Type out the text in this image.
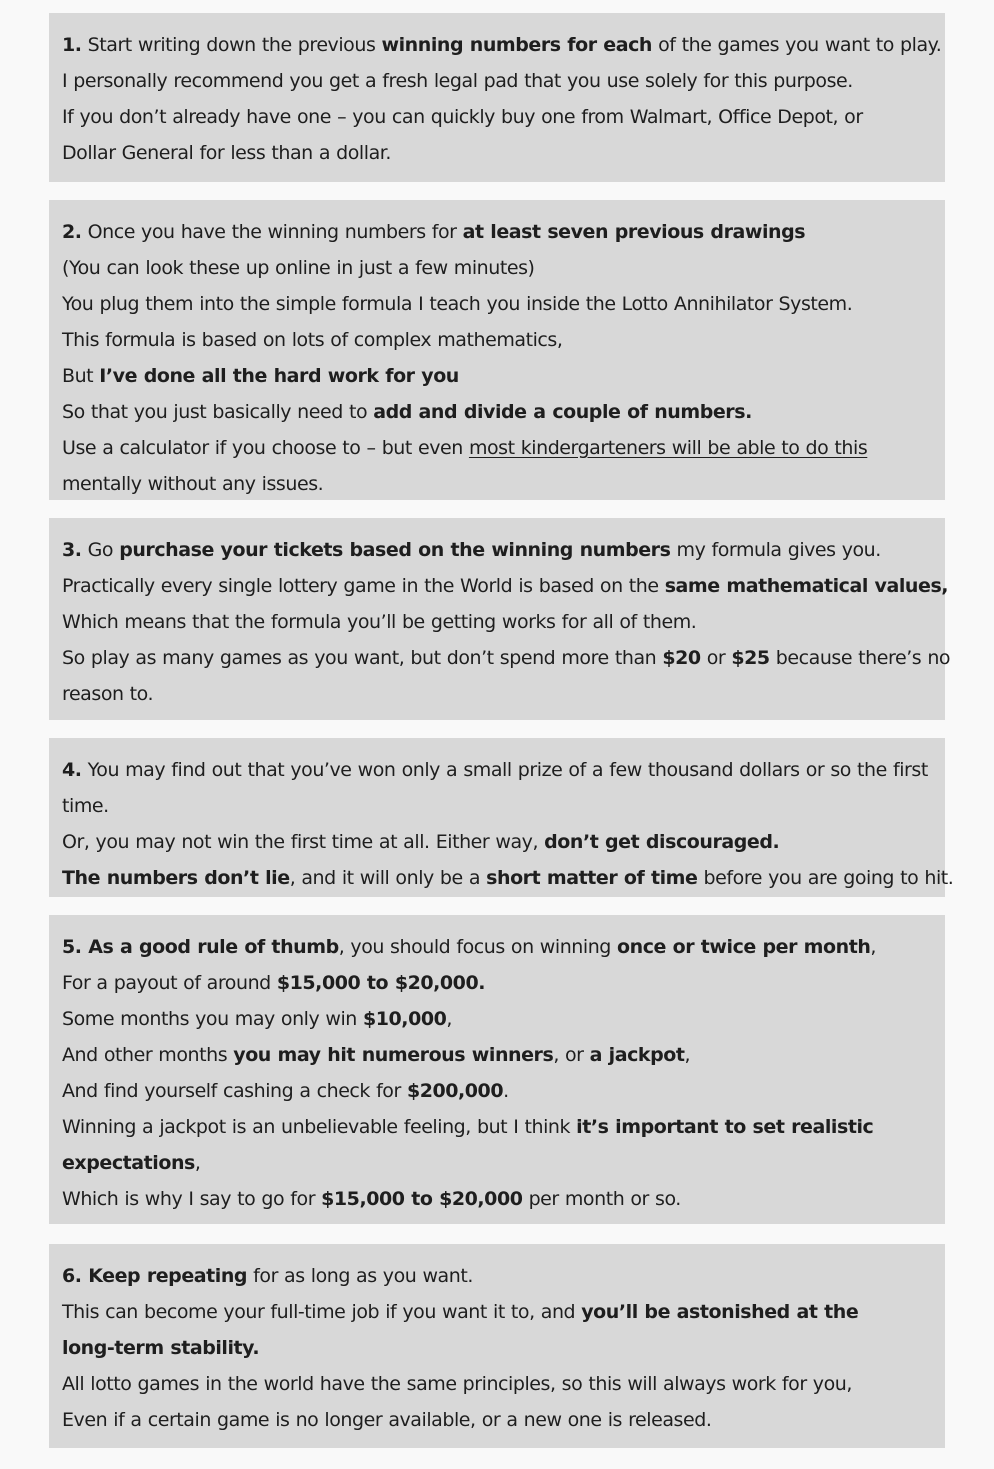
1. Start writing down the previous winning numbers for each of the games you want to play.
I personally recommend you get a fresh legal pad that you use solely for this purpose.
If you don’t already have one – you can quickly buy one from Walmart, Office Depot, or
Dollar General for less than a dollar.
2. Once you have the winning numbers for at least seven previous drawings
(You can look these up online in just a few minutes)
You plug them into the simple formula I teach you inside the Lotto Annihilator System.
This formula is based on lots of complex mathematics,
But I’ve done all the hard work for you
So that you just basically need to add and divide a couple of numbers.
Use a calculator if you choose to – but even most kindergarteners will be able to do this
mentally without any issues.
3. Go purchase your tickets based on the winning numbers my formula gives you.
Practically every single lottery game in the World is based on the same mathematical values,
Which means that the formula you’ll be getting works for all of them.
So play as many games as you want, but don’t spend more than $20 or $25 because there’s no
reason to.
4. You may find out that you’ve won only a small prize of a few thousand dollars or so the first
time.
Or, you may not win the first time at all. Either way, don’t get discouraged.
The numbers don’t lie, and it will only be a short matter of time before you are going to hit.
5. As a good rule of thumb, you should focus on winning once or twice per month,
For a payout of around $15,000 to $20,000.
Some months you may only win $10,000,
And other months you may hit numerous winners, or a jackpot,
And find yourself cashing a check for $200,000.
Winning a jackpot is an unbelievable feeling, but I think it’s important to set realistic
expectations,
Which is why I say to go for $15,000 to $20,000 per month or so.
6. Keep repeating for as long as you want.
This can become your full-time job if you want it to, and you’ll be astonished at the
long-term stability.
All lotto games in the world have the same principles, so this will always work for you,
Even if a certain game is no longer available, or a new one is released.
